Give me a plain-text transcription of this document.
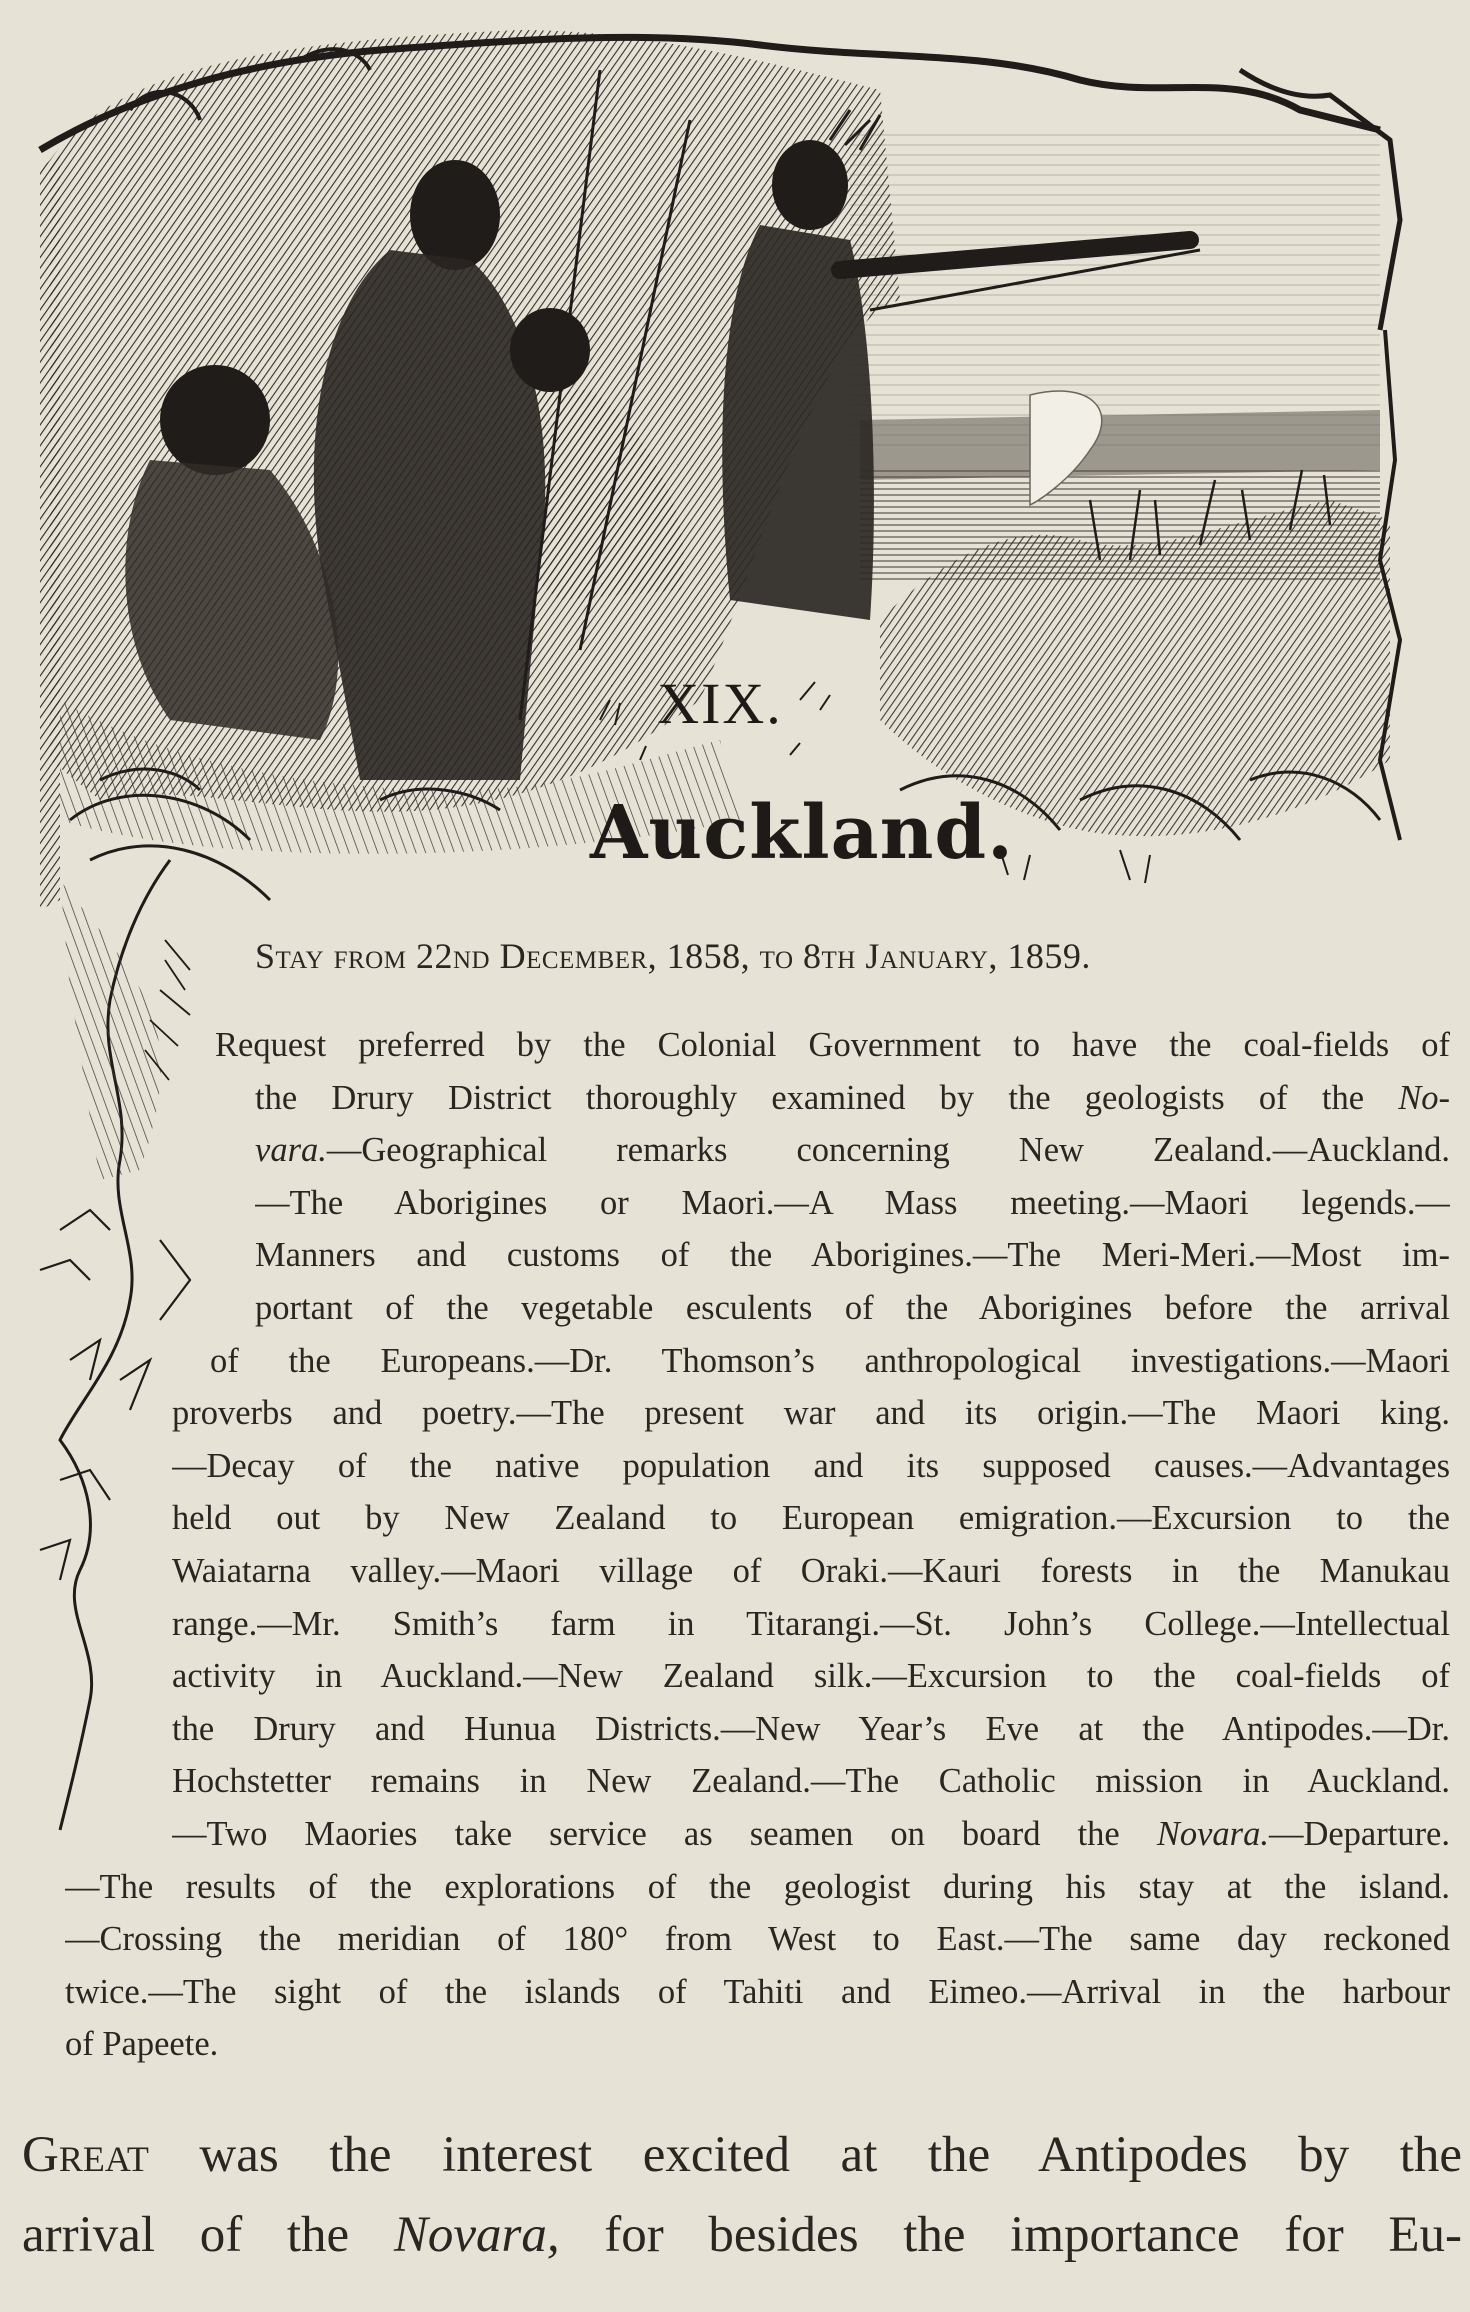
XIX.
Auckland.
Stay from 22nd December, 1858, to 8th January, 1859.
Request preferred by the Colonial Government to have the coal-fields of
the Drury District thoroughly examined by the geologists of the No-
vara.—Geographical remarks concerning New Zealand.—Auckland.
—The Aborigines or Maori.—A Mass meeting.—Maori legends.—
Manners and customs of the Aborigines.—The Meri-Meri.—Most im-
portant of the vegetable esculents of the Aborigines before the arrival
of the Europeans.—Dr. Thomson’s anthropological investigations.—Maori
proverbs and poetry.—The present war and its origin.—The Maori king.
—Decay of the native population and its supposed causes.—Advantages
held out by New Zealand to European emigration.—Excursion to the
Waiatarna valley.—Maori village of Oraki.—Kauri forests in the Manukau
range.—Mr. Smith’s farm in Titarangi.—St. John’s College.—Intellectual
activity in Auckland.—New Zealand silk.—Excursion to the coal-fields of
the Drury and Hunua Districts.—New Year’s Eve at the Antipodes.—Dr.
Hochstetter remains in New Zealand.—The Catholic mission in Auckland.
—Two Maories take service as seamen on board the Novara.—Departure.
—The results of the explorations of the geologist during his stay at the island.
—Crossing the meridian of 180° from West to East.—The same day reckoned
twice.—The sight of the islands of Tahiti and Eimeo.—Arrival in the harbour
of Papeete.
Great was the interest excited at the Antipodes by the
arrival of the Novara, for besides the importance for Eu-
